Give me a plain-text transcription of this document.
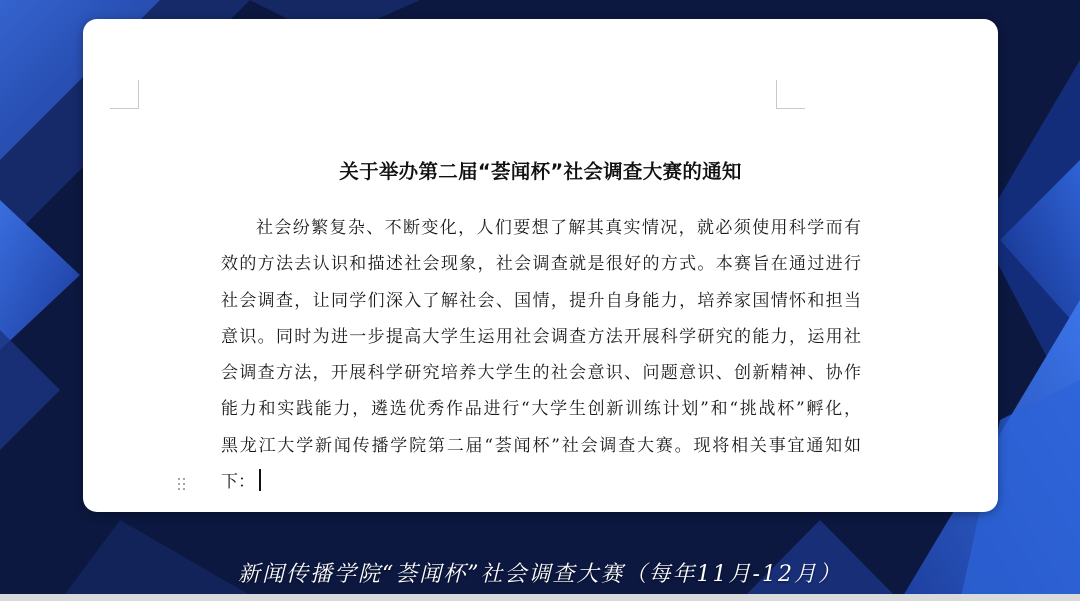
关于举办第二届“荟闻杯”社会调查大赛的通知
社会纷繁复杂、不断变化，人们要想了解其真实情况，就必须使用科学而有
效的方法去认识和描述社会现象，社会调查就是很好的方式。本赛旨在通过进行
社会调查，让同学们深入了解社会、国情，提升自身能力，培养家国情怀和担当
意识。同时为进一步提高大学生运用社会调查方法开展科学研究的能力，运用社
会调查方法，开展科学研究培养大学生的社会意识、问题意识、创新精神、协作
能力和实践能力，遴选优秀作品进行“大学生创新训练计划”和“挑战杯”孵化，
黑龙江大学新闻传播学院第二届“荟闻杯”社会调查大赛。现将相关事宜通知如
下：
新闻传播学院“荟闻杯”社会调查大赛（每年11月-12月）
